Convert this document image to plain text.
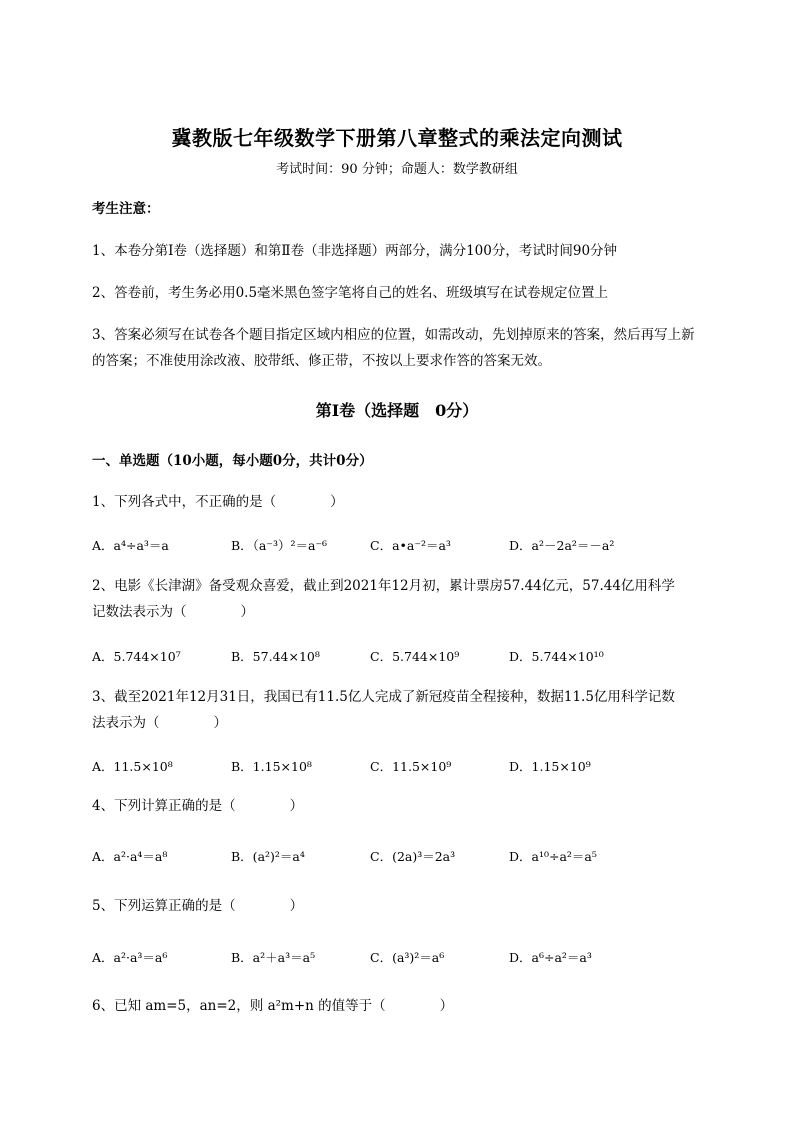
冀教版七年级数学下册第八章整式的乘法定向测试
考试时间：90 分钟；命题人：数学教研组
考生注意：
1、本卷分第Ⅰ卷（选择题）和第Ⅱ卷（非选择题）两部分，满分100分，考试时间90分钟
2、答卷前，考生务必用0.5毫米黑色签字笔将自己的姓名、班级填写在试卷规定位置上
3、答案必须写在试卷各个题目指定区域内相应的位置，如需改动，先划掉原来的答案，然后再写上新
的答案；不准使用涂改液、胶带纸、修正带，不按以上要求作答的答案无效。
第Ⅰ卷（选择题　0分）
一、单选题（10小题，每小题0分，共计0分）
1、下列各式中，不正确的是（	）
A．a⁴÷a³＝a	B．（a⁻³）²＝a⁻⁶	C．a•a⁻²＝a³	D．a²－2a²＝－a²
2、电影《长津湖》备受观众喜爱，截止到2021年12月初，累计票房57.44亿元，57.44亿用科学
记数法表示为（	）
A．5.744×10⁷	B．57.44×10⁸	C．5.744×10⁹	D．5.744×10¹⁰
3、截至2021年12月31日，我国已有11.5亿人完成了新冠疫苗全程接种，数据11.5亿用科学记数
法表示为（	）
A．11.5×10⁸	B．1.15×10⁸	C．11.5×10⁹	D．1.15×10⁹
4、下列计算正确的是（	）
A．a²·a⁴＝a⁸	B．(a²)²＝a⁴	C．(2a)³＝2a³	D．a¹⁰÷a²＝a⁵
5、下列运算正确的是（	）
A．a²·a³＝a⁶	B．a²＋a³＝a⁵	C．(a³)²＝a⁶	D．a⁶÷a²＝a³
6、已知 am=5，an=2，则 a²m+n 的值等于（	）
